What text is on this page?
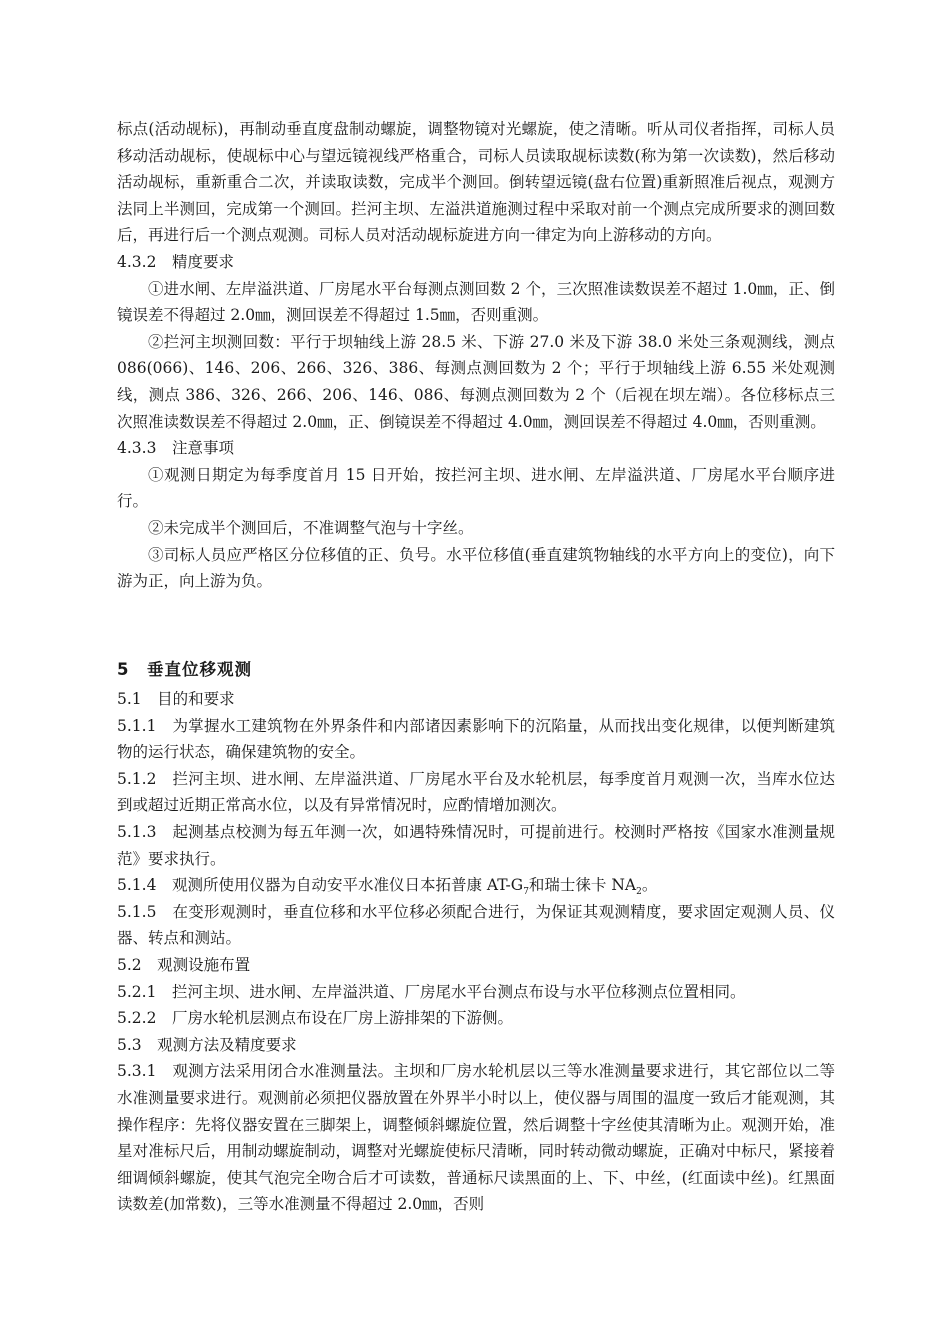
标点(活动觇标)，再制动垂直度盘制动螺旋，调整物镜对光螺旋，使之清晰。听从司仪者指挥，司标人员移动活动觇标，使觇标中心与望远镜视线严格重合，司标人员读取觇标读数(称为第一次读数)，然后移动活动觇标，重新重合二次，并读取读数，完成半个测回。倒转望远镜(盘右位置)重新照准后视点，观测方法同上半测回，完成第一个测回。拦河主坝、左溢洪道施测过程中采取对前一个测点完成所要求的测回数后，再进行后一个测点观测。司标人员对活动觇标旋进方向一律定为向上游移动的方向。

4.3.2　精度要求

①进水闸、左岸溢洪道、厂房尾水平台每测点测回数 2 个，三次照准读数误差不超过 1.0㎜，正、倒镜误差不得超过 2.0㎜，测回误差不得超过 1.5㎜，否则重测。

②拦河主坝测回数：平行于坝轴线上游 28.5 米、下游 27.0 米及下游 38.0 米处三条观测线，测点 086(066)、146、206、266、326、386、每测点测回数为 2 个；平行于坝轴线上游 6.55 米处观测线，测点 386、326、266、206、146、086、每测点测回数为 2 个（后视在坝左端）。各位移标点三次照准读数误差不得超过 2.0㎜，正、倒镜误差不得超过 4.0㎜，测回误差不得超过 4.0㎜，否则重测。

4.3.3　注意事项

①观测日期定为每季度首月 15 日开始，按拦河主坝、进水闸、左岸溢洪道、厂房尾水平台顺序进行。

②未完成半个测回后，不准调整气泡与十字丝。

③司标人员应严格区分位移值的正、负号。水平位移值(垂直建筑物轴线的水平方向上的变位)，向下游为正，向上游为负。

5　垂直位移观测

5.1　目的和要求

5.1.1　为掌握水工建筑物在外界条件和内部诸因素影响下的沉陷量，从而找出变化规律，以便判断建筑物的运行状态，确保建筑物的安全。

5.1.2　拦河主坝、进水闸、左岸溢洪道、厂房尾水平台及水轮机层，每季度首月观测一次，当库水位达到或超过近期正常高水位，以及有异常情况时，应酌情增加测次。

5.1.3　起测基点校测为每五年测一次，如遇特殊情况时，可提前进行。校测时严格按《国家水准测量规范》要求执行。

5.1.4　观测所使用仪器为自动安平水准仪日本拓普康 $AT-G_7$和瑞士徕卡 $NA_2$。

5.1.5　在变形观测时，垂直位移和水平位移必须配合进行，为保证其观测精度，要求固定观测人员、仪器、转点和测站。

5.2　观测设施布置

5.2.1　拦河主坝、进水闸、左岸溢洪道、厂房尾水平台测点布设与水平位移测点位置相同。

5.2.2　厂房水轮机层测点布设在厂房上游排架的下游侧。

5.3　观测方法及精度要求

5.3.1　观测方法采用闭合水准测量法。主坝和厂房水轮机层以三等水准测量要求进行，其它部位以二等水准测量要求进行。观测前必须把仪器放置在外界半小时以上，使仪器与周围的温度一致后才能观测，其操作程序：先将仪器安置在三脚架上，调整倾斜螺旋位置，然后调整十字丝使其清晰为止。观测开始，准星对准标尺后，用制动螺旋制动，调整对光螺旋使标尺清晰，同时转动微动螺旋，正确对中标尺，紧接着细调倾斜螺旋，使其气泡完全吻合后才可读数，普通标尺读黑面的上、下、中丝，(红面读中丝)。红黑面读数差(加常数)，三等水准测量不得超过 2.0㎜，否则
